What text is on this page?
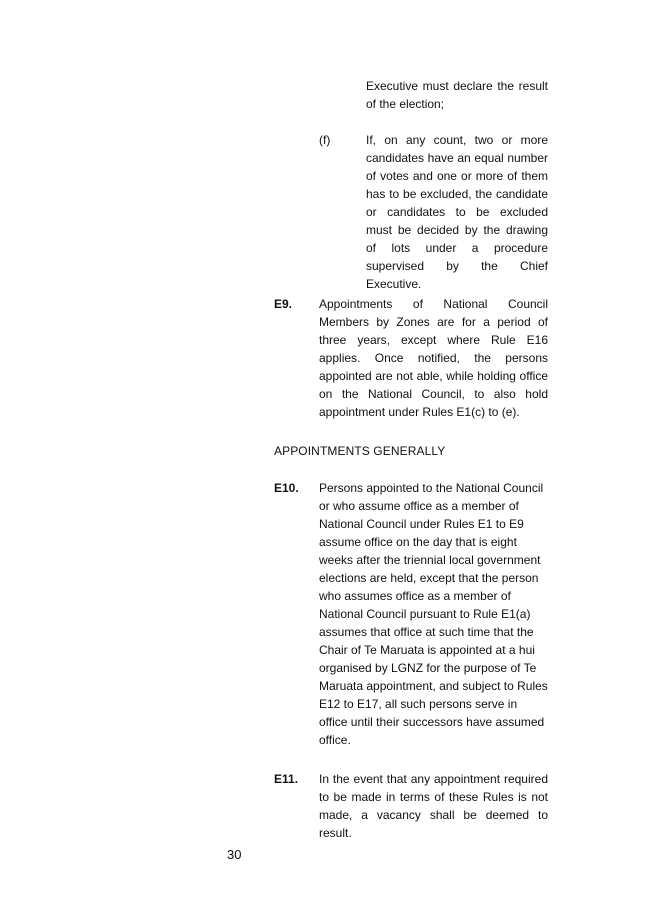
Executive must declare the result of the election;
(f)	If, on any count, two or more candidates have an equal number of votes and one or more of them has to be excluded, the candidate or candidates to be excluded must be decided by the drawing of lots under a procedure supervised by the Chief Executive.
E9. Appointments of National Council Members by Zones are for a period of three years, except where Rule E16 applies. Once notified, the persons appointed are not able, while holding office on the National Council, to also hold appointment under Rules E1(c) to (e).
APPOINTMENTS GENERALLY
E10. Persons appointed to the National Council or who assume office as a member of National Council under Rules E1 to E9 assume office on the day that is eight weeks after the triennial local government elections are held, except that the person who assumes office as a member of National Council pursuant to Rule E1(a) assumes that office at such time that the Chair of Te Maruata is appointed at a hui organised by LGNZ for the purpose of Te Maruata appointment, and subject to Rules E12 to E17, all such persons serve in office until their successors have assumed office.
E11. In the event that any appointment required to be made in terms of these Rules is not made, a vacancy shall be deemed to result.
30
